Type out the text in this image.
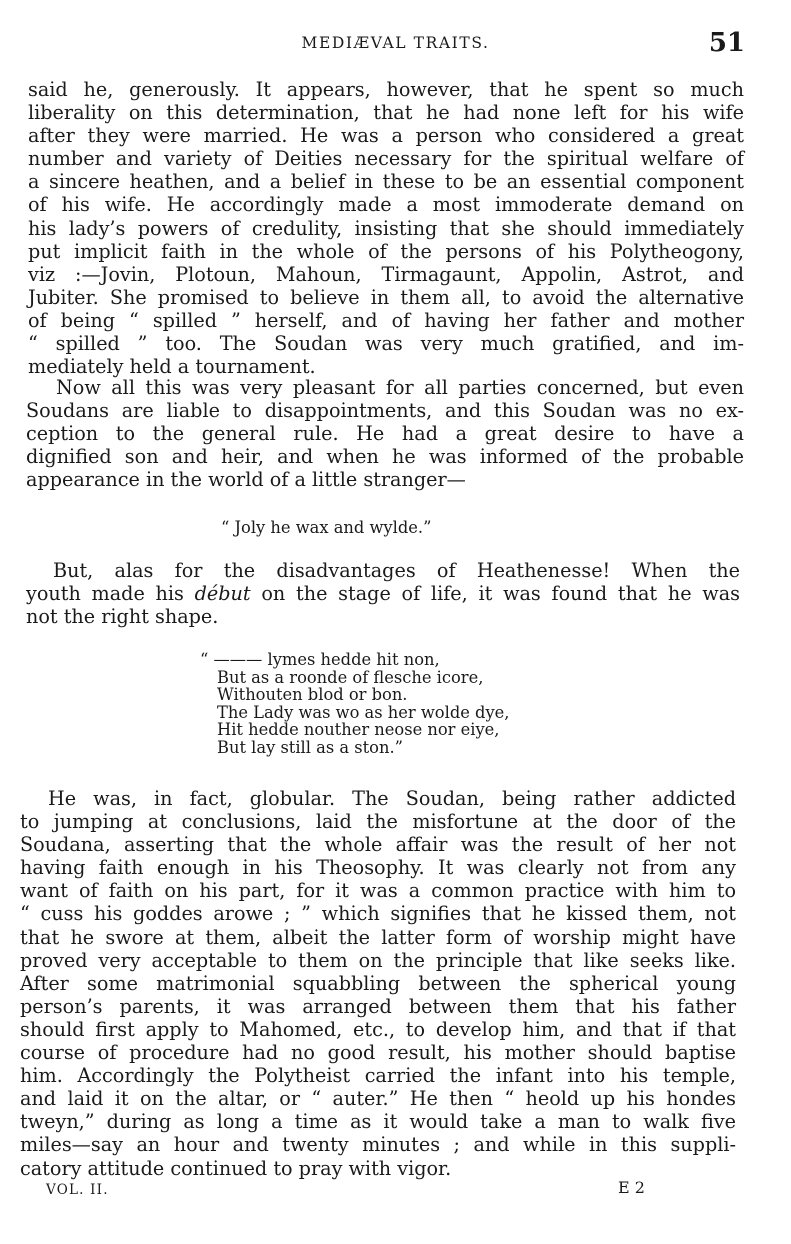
MEDIÆVAL TRAITS.	51

said he, generously. It appears, however, that he spent so much
liberality on this determination, that he had none left for his wife
after they were married. He was a person who considered a great
number and variety of Deities necessary for the spiritual welfare of
a sincere heathen, and a belief in these to be an essential component
of his wife. He accordingly made a most immoderate demand on
his lady’s powers of credulity, insisting that she should immediately
put implicit faith in the whole of the persons of his Polytheogony,
viz :—Jovin, Plotoun, Mahoun, Tirmagaunt, Appolin, Astrot, and
Jubiter. She promised to believe in them all, to avoid the alternative
of being “ spilled ” herself, and of having her father and mother
“ spilled ” too. The Soudan was very much gratified, and im-
mediately held a tournament.

Now all this was very pleasant for all parties concerned, but even
Soudans are liable to disappointments, and this Soudan was no ex-
ception to the general rule. He had a great desire to have a
dignified son and heir, and when he was informed of the probable
appearance in the world of a little stranger—

“ Joly he wax and wylde.”

But, alas for the disadvantages of Heathenesse! When the
youth made his début on the stage of life, it was found that he was
not the right shape.

“ ——— lymes hedde hit non,
But as a roonde of flesche icore,
Withouten blod or bon.
The Lady was wo as her wolde dye,
Hit hedde nouther neose nor eiye,
But lay still as a ston.”

He was, in fact, globular. The Soudan, being rather addicted
to jumping at conclusions, laid the misfortune at the door of the
Soudana, asserting that the whole affair was the result of her not
having faith enough in his Theosophy. It was clearly not from any
want of faith on his part, for it was a common practice with him to
“ cuss his goddes arowe ; ” which signifies that he kissed them, not
that he swore at them, albeit the latter form of worship might have
proved very acceptable to them on the principle that like seeks like.
After some matrimonial squabbling between the spherical young
person’s parents, it was arranged between them that his father
should first apply to Mahomed, etc., to develop him, and that if that
course of procedure had no good result, his mother should baptise
him. Accordingly the Polytheist carried the infant into his temple,
and laid it on the altar, or “ auter.” He then “ heold up his hondes
tweyn,” during as long a time as it would take a man to walk five
miles—say an hour and twenty minutes ; and while in this suppli-
catory attitude continued to pray with vigor.

VOL. II.	E 2
